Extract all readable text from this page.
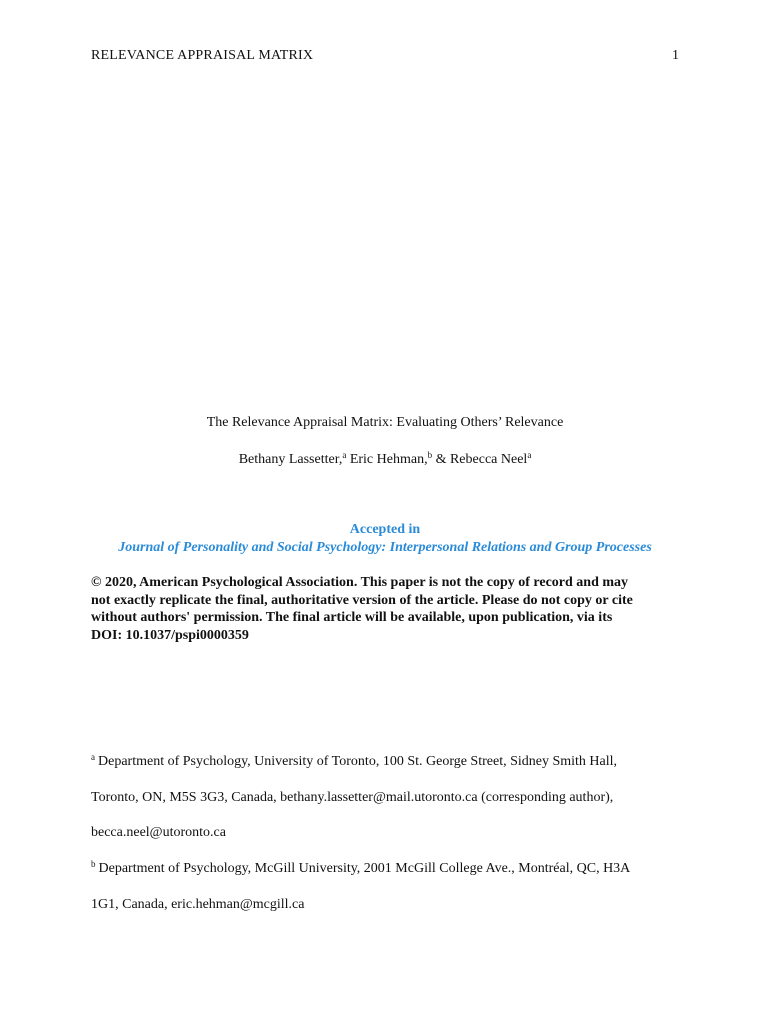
RELEVANCE APPRAISAL MATRIX	1
The Relevance Appraisal Matrix: Evaluating Others’ Relevance
Bethany Lassetter,$^a$ Eric Hehman,$^b$ & Rebecca Neel$^a$
Accepted in
Journal of Personality and Social Psychology: Interpersonal Relations and Group Processes
© 2020, American Psychological Association. This paper is not the copy of record and may
not exactly replicate the final, authoritative version of the article. Please do not copy or cite
without authors' permission. The final article will be available, upon publication, via its
DOI: 10.1037/pspi0000359
$^a$ Department of Psychology, University of Toronto, 100 St. George Street, Sidney Smith Hall,
Toronto, ON, M5S 3G3, Canada, bethany.lassetter@mail.utoronto.ca (corresponding author),
becca.neel@utoronto.ca
$^b$ Department of Psychology, McGill University, 2001 McGill College Ave., Montréal, QC, H3A
1G1, Canada, eric.hehman@mcgill.ca
